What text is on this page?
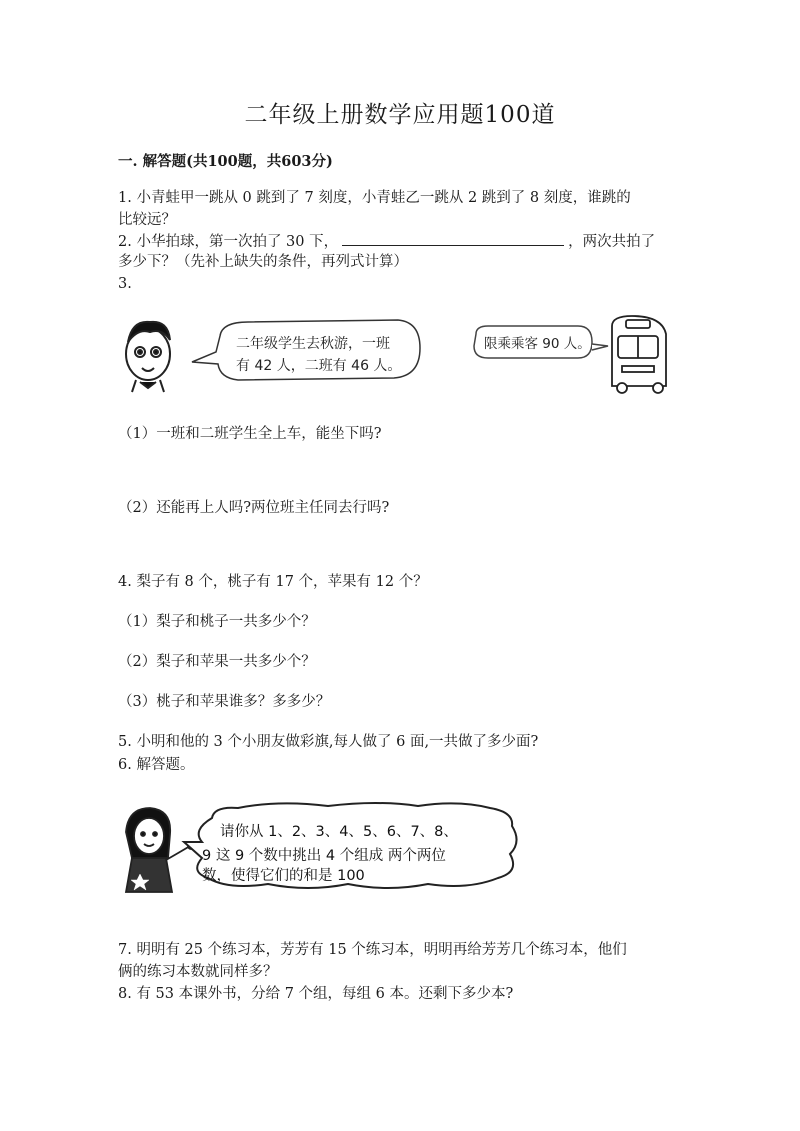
二年级上册数学应用题100道
一. 解答题(共100题，共603分)
1. 小青蛙甲一跳从 0 跳到了 7 刻度，小青蛙乙一跳从 2 跳到了 8 刻度，谁跳的
比较远？
2. 小华拍球，第一次拍了 30 下，	，两次共拍了
多少下？（先补上缺失的条件，再列式计算）
3.
二年级学生去秋游，一班
有 42 人，二班有 46 人。
限乘乘客 90 人。
（1）一班和二班学生全上车，能坐下吗?
（2）还能再上人吗?两位班主任同去行吗?
4. 梨子有 8 个，桃子有 17 个，苹果有 12 个？
（1）梨子和桃子一共多少个？
（2）梨子和苹果一共多少个？
（3）桃子和苹果谁多？多多少？
5. 小明和他的 3 个小朋友做彩旗,每人做了 6 面,一共做了多少面?
6. 解答题。
请你从 1、2、3、4、5、6、7、8、
9 这 9 个数中挑出 4 个组成 两个两位
数，使得它们的和是 100
7. 明明有 25 个练习本，芳芳有 15 个练习本，明明再给芳芳几个练习本，他们
俩的练习本数就同样多？
8. 有 53 本课外书，分给 7 个组，每组 6 本。还剩下多少本?
